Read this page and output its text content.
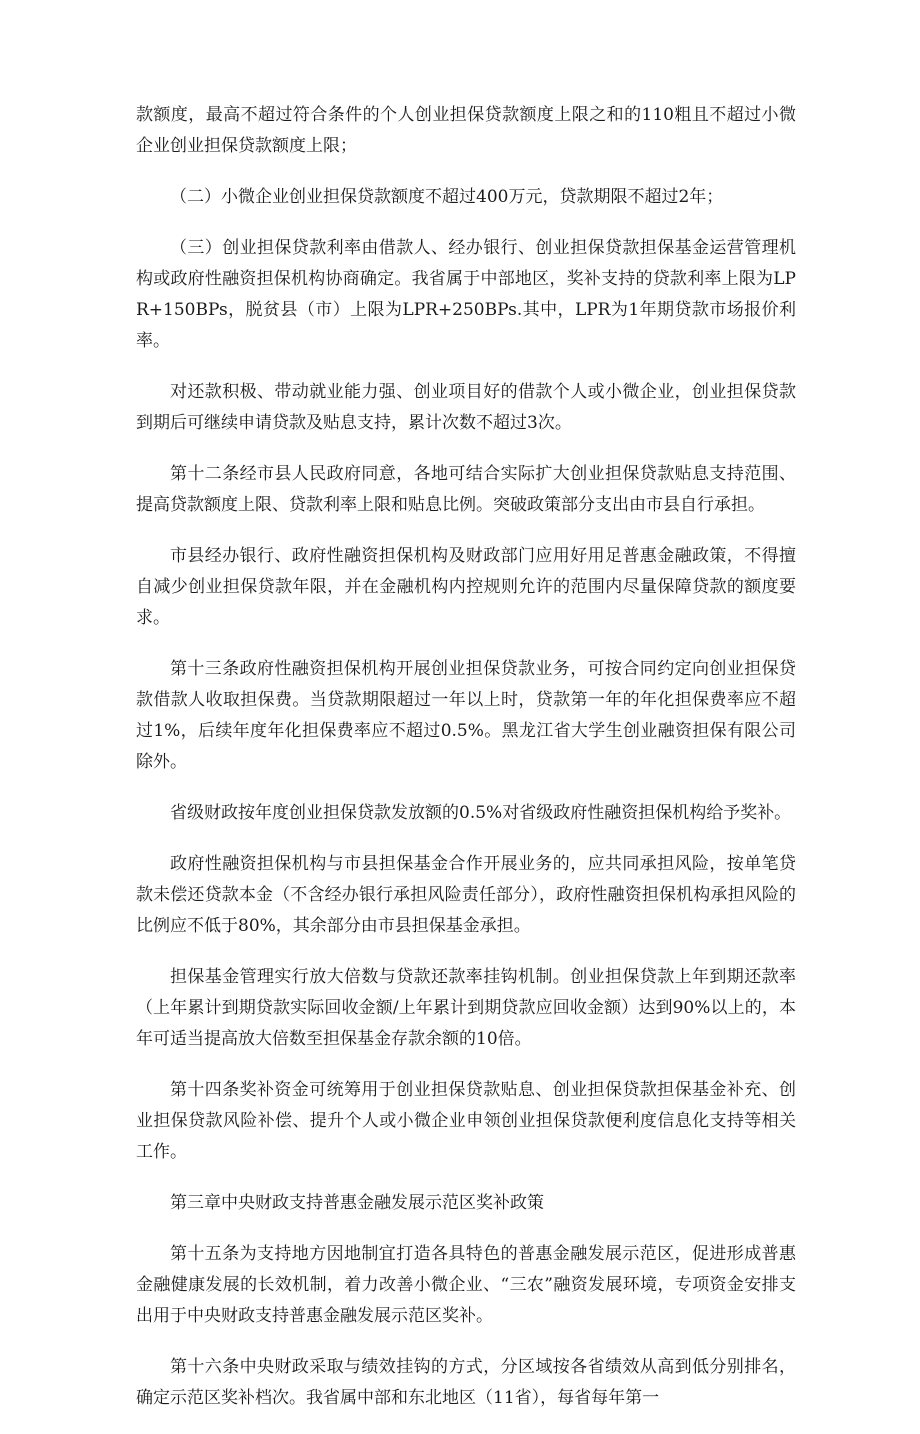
款额度，最高不超过符合条件的个人创业担保贷款额度上限之和的110粗且不超过小微企业创业担保贷款额度上限；

（二）小微企业创业担保贷款额度不超过400万元，贷款期限不超过2年；

（三）创业担保贷款利率由借款人、经办银行、创业担保贷款担保基金运营管理机构或政府性融资担保机构协商确定。我省属于中部地区，奖补支持的贷款利率上限为LPR+150BPs，脱贫县（市）上限为LPR+250BPs.其中，LPR为1年期贷款市场报价利率。

对还款积极、带动就业能力强、创业项目好的借款个人或小微企业，创业担保贷款到期后可继续申请贷款及贴息支持，累计次数不超过3次。

第十二条经市县人民政府同意，各地可结合实际扩大创业担保贷款贴息支持范围、提高贷款额度上限、贷款利率上限和贴息比例。突破政策部分支出由市县自行承担。

市县经办银行、政府性融资担保机构及财政部门应用好用足普惠金融政策，不得擅自减少创业担保贷款年限，并在金融机构内控规则允许的范围内尽量保障贷款的额度要求。

第十三条政府性融资担保机构开展创业担保贷款业务，可按合同约定向创业担保贷款借款人收取担保费。当贷款期限超过一年以上时，贷款第一年的年化担保费率应不超过1%，后续年度年化担保费率应不超过0.5%。黑龙江省大学生创业融资担保有限公司除外。

省级财政按年度创业担保贷款发放额的0.5%对省级政府性融资担保机构给予奖补。

政府性融资担保机构与市县担保基金合作开展业务的，应共同承担风险，按单笔贷款未偿还贷款本金（不含经办银行承担风险责任部分），政府性融资担保机构承担风险的比例应不低于80%，其余部分由市县担保基金承担。

担保基金管理实行放大倍数与贷款还款率挂钩机制。创业担保贷款上年到期还款率（上年累计到期贷款实际回收金额/上年累计到期贷款应回收金额）达到90%以上的，本年可适当提高放大倍数至担保基金存款余额的10倍。

第十四条奖补资金可统筹用于创业担保贷款贴息、创业担保贷款担保基金补充、创业担保贷款风险补偿、提升个人或小微企业申领创业担保贷款便利度信息化支持等相关工作。

第三章中央财政支持普惠金融发展示范区奖补政策

第十五条为支持地方因地制宜打造各具特色的普惠金融发展示范区，促进形成普惠金融健康发展的长效机制，着力改善小微企业、“三农”融资发展环境，专项资金安排支出用于中央财政支持普惠金融发展示范区奖补。

第十六条中央财政采取与绩效挂钩的方式，分区域按各省绩效从高到低分别排名，确定示范区奖补档次。我省属中部和东北地区（11省），每省每年第一
